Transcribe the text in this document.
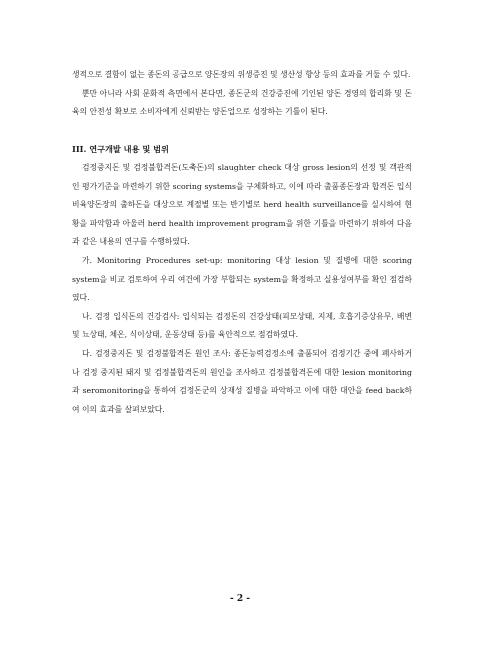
생적으로 결함이 없는 종돈의 공급으로 양돈장의 위생증진 및 생산성 향상 등의 효과를 거둘 수 있다.

뿐만 아니라 사회 문화적 측면에서 본다면, 종돈군의 건강증진에 기인된 양돈 경영의 합리화 및 돈육의 안전성 확보로 소비자에게 신뢰받는 양돈업으로 성장하는 기틀이 된다.

III. 연구개발 내용 및 범위

검정중지돈 및 검정불합격돈(도축돈)의 slaughter check 대상 gross lesion의 선정 및 객관적인 평가기준을 마련하기 위한 scoring systems을 구체화하고, 이에 따라 출품종돈장과 합격돈 입식비육양돈장의 출하돈을 대상으로 계절별 또는 반기별로 herd health surveillance를 실시하여 현황을 파악함과 아울러 herd health improvement program을 위한 기틀을 마련하기 위하여 다음과 같은 내용의 연구를 수행하였다.

가. Monitoring Procedures set-up: monitoring 대상 lesion 및 질병에 대한 scoring system을 비교 검토하여 우리 여건에 가장 부합되는 system을 확정하고 실용성여부를 확인 점검하였다.

나. 검정 입식돈의 건강검사: 입식되는 검정돈의 건강상태(피모상태, 지제, 호흡기증상유무, 배변 및 뇨상태, 체온, 식이상태, 운동상태 등)를 육안적으로 점검하였다.

다. 검정중지돈 및 검정불합격돈 원인 조사: 종돈능력검정소에 출품되어 검정기간 중에 폐사하거나 검정 중지된 돼지 및 검정불합격돈의 원인을 조사하고 검정불합격돈에 대한 lesion monitoring과 seromonitoring을 통하여 검정돈군의 상재성 질병을 파악하고 이에 대한 대안을 feed back하여 이의 효과를 살펴보았다.

- 2 -
